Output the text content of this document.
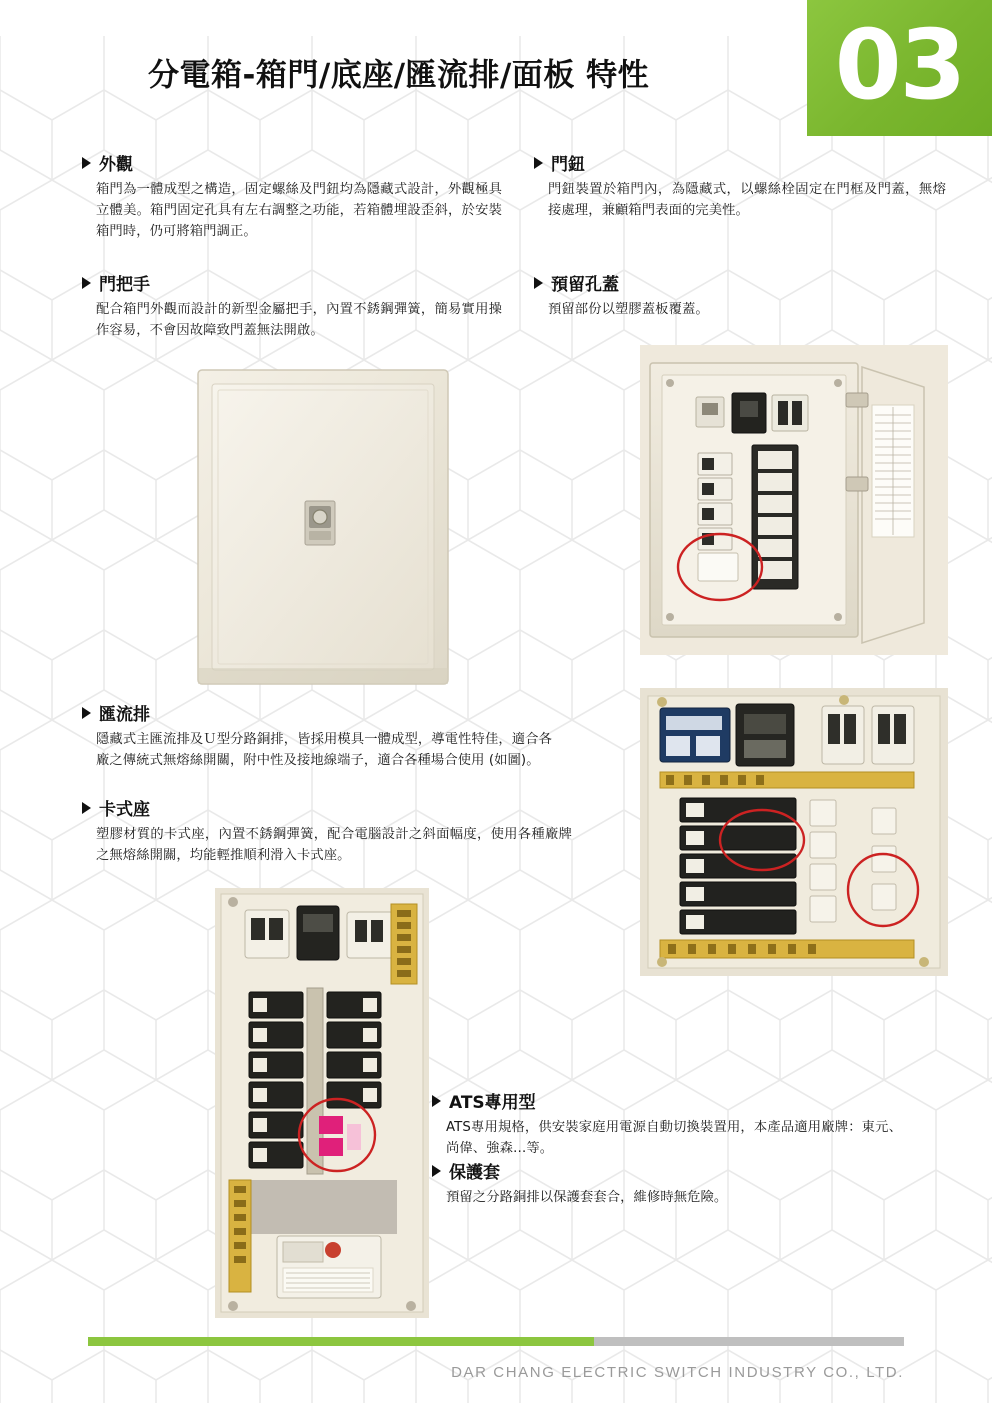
分電箱-箱門/底座/匯流排/面板 特性 03
外觀
箱門為一體成型之構造，固定螺絲及門鈕均為隱藏式設計，外觀極具立體美。箱門固定孔具有左右調整之功能，若箱體埋設歪斜，於安裝箱門時，仍可將箱門調正。
門把手
配合箱門外觀而設計的新型金屬把手，內置不銹鋼彈簧，簡易實用操作容易，不會因故障致門蓋無法開啟。
門鈕
門鈕裝置於箱門內，為隱藏式，以螺絲栓固定在門框及門蓋，無熔接處理，兼顧箱門表面的完美性。
預留孔蓋
預留部份以塑膠蓋板覆蓋。
匯流排
隱藏式主匯流排及Ｕ型分路銅排，皆採用模具一體成型，導電性特佳，適合各廠之傳統式無熔絲開關，附中性及接地線端子，適合各種場合使用 (如圖)。
卡式座
塑膠材質的卡式座，內置不銹鋼彈簧，配合電腦設計之斜面幅度，使用各種廠牌之無熔絲開關，均能輕推順利滑入卡式座。
ATS專用型
ATS專用規格，供安裝家庭用電源自動切換裝置用，本產品適用廠牌：東元、尚偉、強森…等。
保護套
預留之分路銅排以保護套套合，維修時無危險。
DAR CHANG ELECTRIC SWITCH INDUSTRY CO., LTD.
